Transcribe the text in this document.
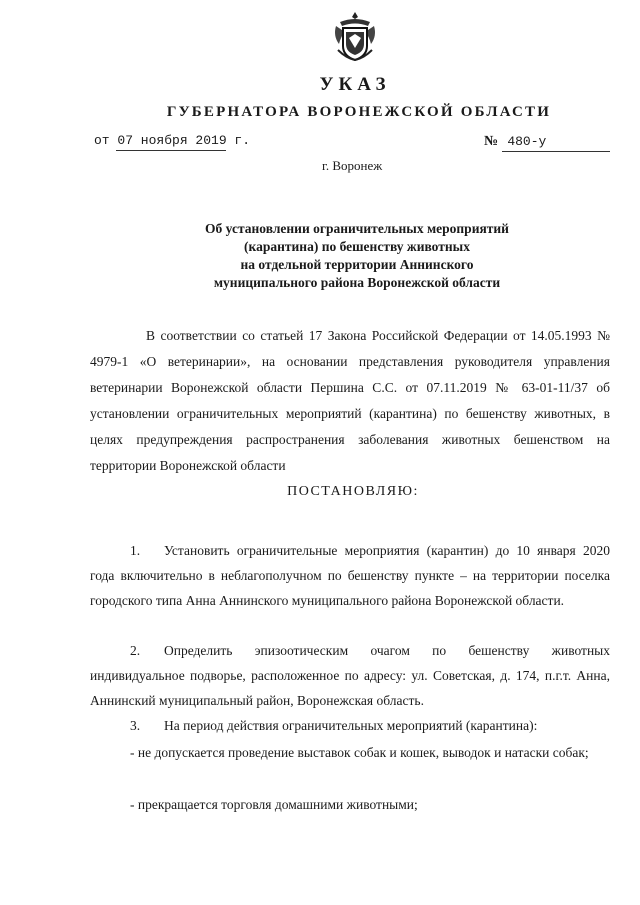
УКАЗ
ГУБЕРНАТОРА ВОРОНЕЖСКОЙ ОБЛАСТИ
от 07 ноября 2019 г.	№ 480-у
г. Воронеж
Об установлении ограничительных мероприятий
(карантина) по бешенству животных
на отдельной территории Аннинского
муниципального района Воронежской области
В соответствии со статьей 17 Закона Российской Федерации от 14.05.1993 № 4979-1 «О ветеринарии», на основании представления руководителя управления ветеринарии Воронежской области Першина С.С. от 07.11.2019 № 63-01-11/37 об установлении ограничительных мероприятий (карантина) по бешенству животных, в целях предупреждения распространения заболевания животных бешенством на территории Воронежской области
ПОСТАНОВЛЯЮ:
1. Установить ограничительные мероприятия (карантин) до 10 января 2020 года включительно в неблагополучном по бешенству пункте – на территории поселка городского типа Анна Аннинского муниципального района Воронежской области.
2. Определить эпизоотическим очагом по бешенству животных индивидуальное подворье, расположенное по адресу: ул. Советская, д. 174, п.г.т. Анна, Аннинский муниципальный район, Воронежская область.
3. На период действия ограничительных мероприятий (карантина):
- не допускается проведение выставок собак и кошек, выводок и натаски собак;
- прекращается торговля домашними животными;
